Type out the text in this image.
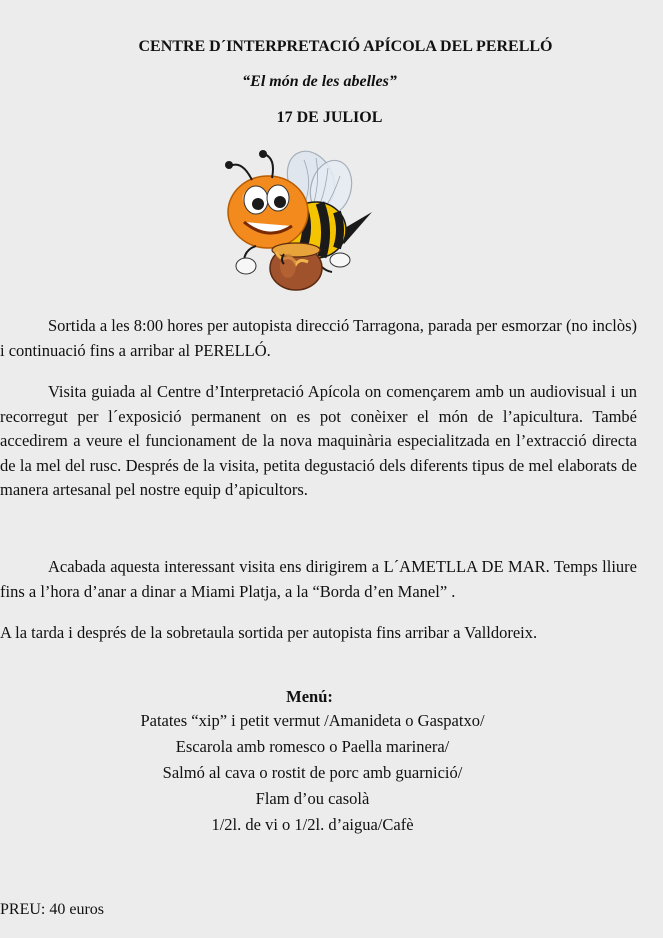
CENTRE D´INTERPRETACIÓ APÍCOLA DEL PERELLÓ
“El món de les abelles”
17 DE JULIOL

Sortida a les 8:00 hores per autopista direcció Tarragona, parada per esmorzar (no inclòs) i continuació fins a arribar al PERELLÓ.

Visita guiada al Centre d’Interpretació Apícola on començarem amb un audiovisual i un recorregut per l´exposició permanent on es pot conèixer el món de l’apicultura. També accedirem a veure el funcionament de la nova maquinària especialitzada en l’extracció directa de la mel del rusc. Després de la visita, petita degustació dels diferents tipus de mel elaborats de manera artesanal pel nostre equip d’apicultors.

Acabada aquesta interessant visita ens dirigirem a L´AMETLLA DE MAR. Temps lliure fins a l’hora d’anar a dinar a Miami Platja, a la “Borda d’en Manel” .

A la tarda i després de la sobretaula sortida per autopista fins arribar a Valldoreix.

Menú:
Patates “xip” i petit vermut /Amanideta o Gaspatxo/
Escarola amb romesco o Paella marinera/
Salmó al cava o rostit de porc amb guarnició/
Flam d’ou casolà
1/2l. de vi o 1/2l. d’aigua/Cafè
PREU: 40 euros
